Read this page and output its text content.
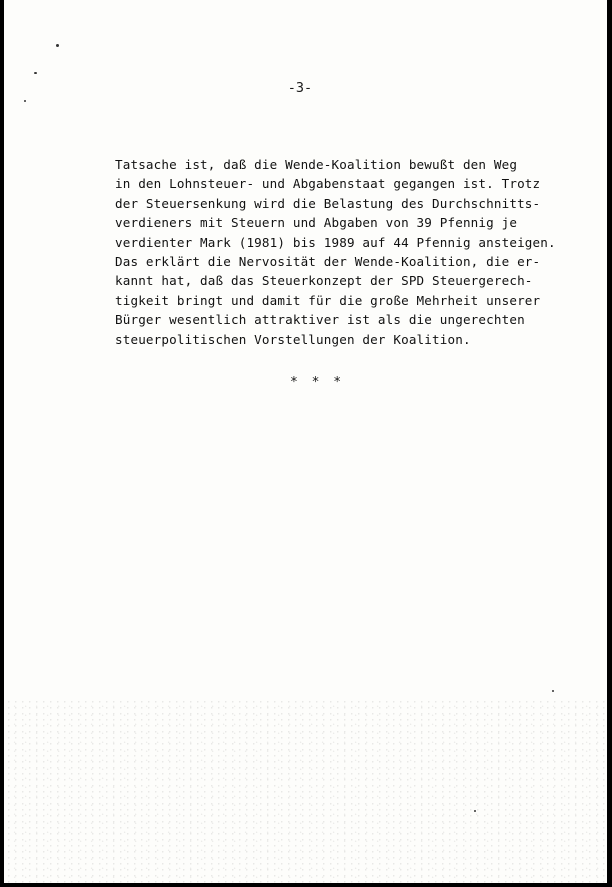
-3-

Tatsache ist, daß die Wende-Koalition bewußt den Weg
in den Lohnsteuer- und Abgabenstaat gegangen ist. Trotz
der Steuersenkung wird die Belastung des Durchschnitts-
verdieners mit Steuern und Abgaben von 39 Pfennig je
verdienter Mark (1981) bis 1989 auf 44 Pfennig ansteigen.
Das erklärt die Nervosität der Wende-Koalition, die er-
kannt hat, daß das Steuerkonzept der SPD Steuergerech-
tigkeit bringt und damit für die große Mehrheit unserer
Bürger wesentlich attraktiver ist als die ungerechten
steuerpolitischen Vorstellungen der Koalition.

* * *
